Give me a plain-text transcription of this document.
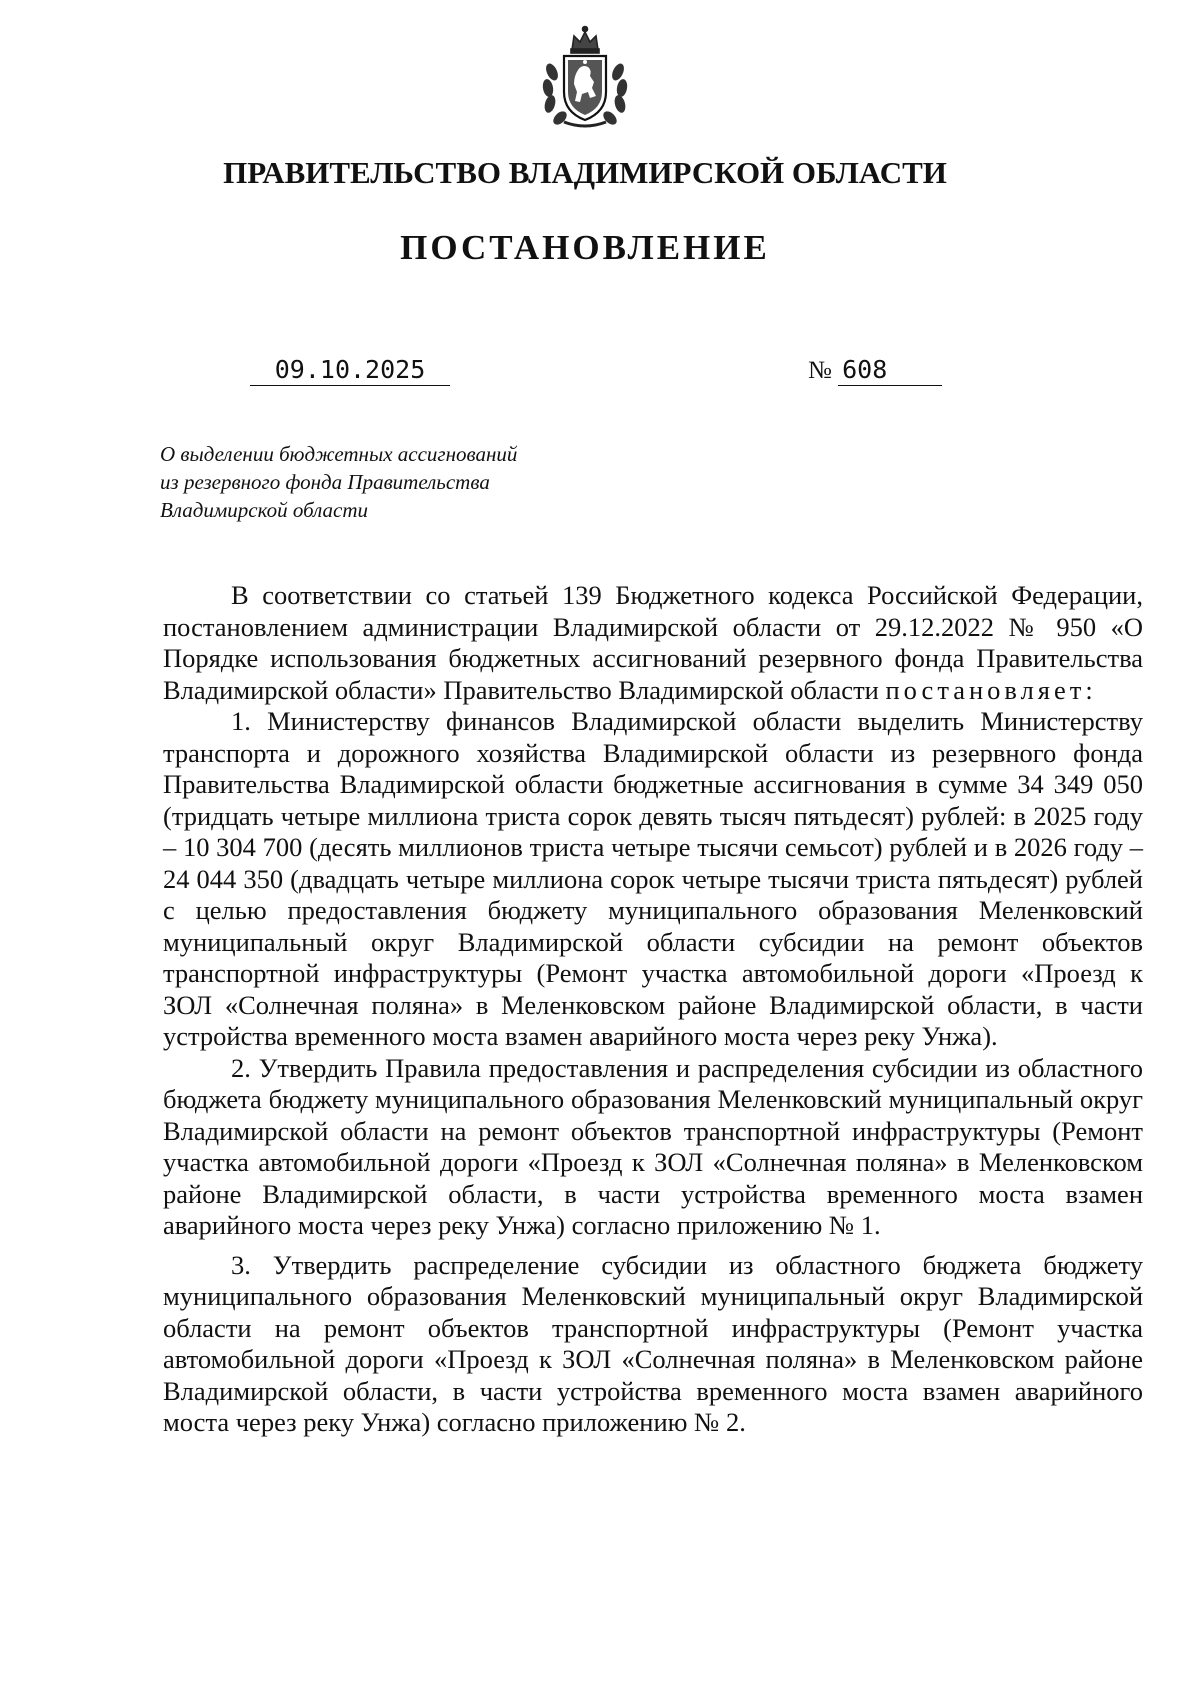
ПРАВИТЕЛЬСТВО ВЛАДИМИРСКОЙ ОБЛАСТИ
ПОСТАНОВЛЕНИЕ
09.10.2025	№ 608
О выделении бюджетных ассигнований
из резервного фонда Правительства
Владимирской области

В соответствии со статьей 139 Бюджетного кодекса Российской Федерации, постановлением администрации Владимирской области от 29.12.2022 № 950 «О Порядке использования бюджетных ассигнований резервного фонда Правительства Владимирской области» Правительство Владимирской области постановляет:

1. Министерству финансов Владимирской области выделить Министерству транспорта и дорожного хозяйства Владимирской области из резервного фонда Правительства Владимирской области бюджетные ассигнования в сумме 34 349 050 (тридцать четыре миллиона триста сорок девять тысяч пятьдесят) рублей: в 2025 году – 10 304 700 (десять миллионов триста четыре тысячи семьсот) рублей и в 2026 году – 24 044 350 (двадцать четыре миллиона сорок четыре тысячи триста пятьдесят) рублей с целью предоставления бюджету муниципального образования Меленковский муниципальный округ Владимирской области субсидии на ремонт объектов транспортной инфраструктуры (Ремонт участка автомобильной дороги «Проезд к ЗОЛ «Солнечная поляна» в Меленковском районе Владимирской области, в части устройства временного моста взамен аварийного моста через реку Унжа).

2. Утвердить Правила предоставления и распределения субсидии из областного бюджета бюджету муниципального образования Меленковский муниципальный округ Владимирской области на ремонт объектов транспортной инфраструктуры (Ремонт участка автомобильной дороги «Проезд к ЗОЛ «Солнечная поляна» в Меленковском районе Владимирской области, в части устройства временного моста взамен аварийного моста через реку Унжа) согласно приложению № 1.

3. Утвердить распределение субсидии из областного бюджета бюджету муниципального образования Меленковский муниципальный округ Владимирской области на ремонт объектов транспортной инфраструктуры (Ремонт участка автомобильной дороги «Проезд к ЗОЛ «Солнечная поляна» в Меленковском районе Владимирской области, в части устройства временного моста взамен аварийного моста через реку Унжа) согласно приложению № 2.
